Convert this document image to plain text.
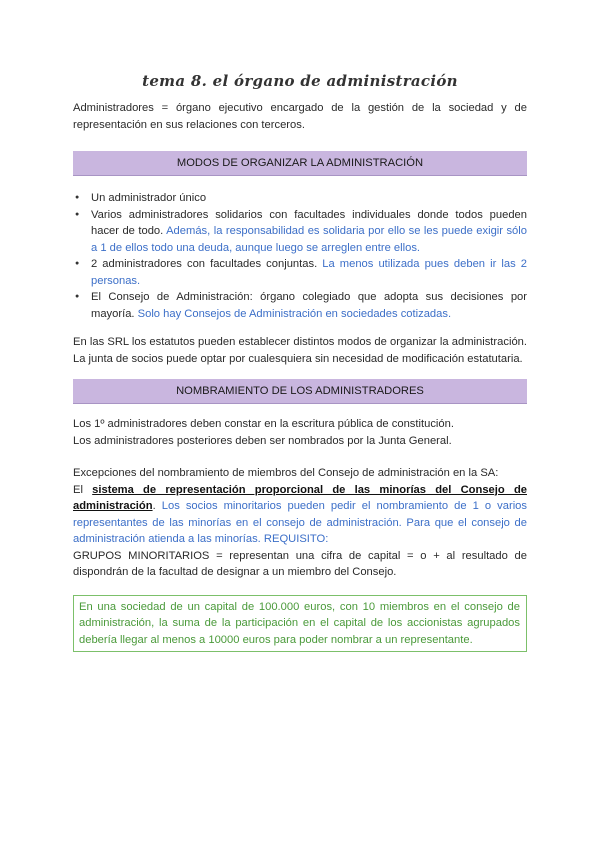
tema 8. el órgano de administración

Administradores = órgano ejecutivo encargado de la gestión de la sociedad y de representación en sus relaciones con terceros.

MODOS DE ORGANIZAR LA ADMINISTRACIÓN
● Un administrador único
● Varios administradores solidarios con facultades individuales donde todos pueden hacer de todo. Además, la responsabilidad es solidaria por ello se les puede exigir sólo a 1 de ellos todo una deuda, aunque luego se arreglen entre ellos.
● 2 administradores con facultades conjuntas. La menos utilizada pues deben ir las 2 personas.
● El Consejo de Administración: órgano colegiado que adopta sus decisiones por mayoría. Solo hay Consejos de Administración en sociedades cotizadas.

En las SRL los estatutos pueden establecer distintos modos de organizar la administración. La junta de socios puede optar por cualesquiera sin necesidad de modificación estatutaria.

NOMBRAMIENTO DE LOS ADMINISTRADORES

Los 1º administradores deben constar en la escritura pública de constitución.

Los administradores posteriores deben ser nombrados por la Junta General.

Excepciones del nombramiento de miembros del Consejo de administración en la SA:

El sistema de representación proporcional de las minorías del Consejo de administración. Los socios minoritarios pueden pedir el nombramiento de 1 o varios representantes de las minorías en el consejo de administración. Para que el consejo de administración atienda a las minorías. REQUISITO:

GRUPOS MINORITARIOS = representan una cifra de capital = o + al resultado de dispondrán de la facultad de designar a un miembro del Consejo.

En una sociedad de un capital de 100.000 euros, con 10 miembros en el consejo de administración, la suma de la participación en el capital de los accionistas agrupados debería llegar al menos a 10000 euros para poder nombrar a un representante.
